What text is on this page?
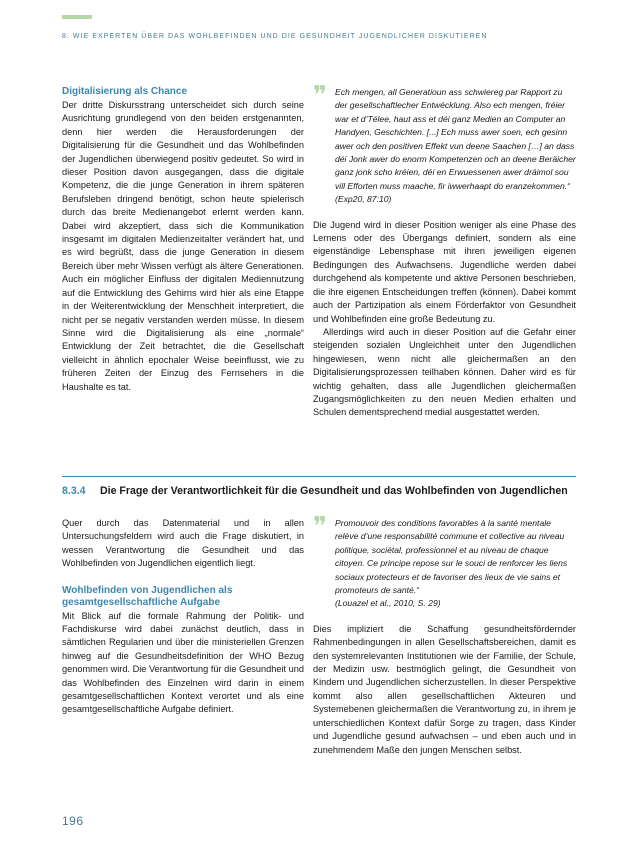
8. WIE EXPERTEN ÜBER DAS WOHLBEFINDEN UND DIE GESUNDHEIT JUGENDLICHER DISKUTIEREN
Digitalisierung als Chance

Der dritte Diskursstrang unterscheidet sich durch seine Ausrichtung grundlegend von den beiden erstgenannten, denn hier werden die Herausforderungen der Digitalisierung für die Gesundheit und das Wohlbefinden der Jugendlichen überwiegend positiv gedeutet. So wird in dieser Position davon ausgegangen, dass die digitale Kompetenz, die die junge Generation in ihrem späteren Berufsleben dringend benötigt, schon heute spielerisch durch das breite Medienangebot erlernt werden kann. Dabei wird akzeptiert, dass sich die Kommunikation insgesamt im digitalen Medienzeitalter verändert hat, und es wird begrüßt, dass die junge Generation in diesem Bereich über mehr Wissen verfügt als ältere Generationen. Auch ein möglicher Einfluss der digitalen Mediennutzung auf die Entwicklung des Gehirns wird hier als eine Etappe in der Weiterentwicklung der Menschheit interpretiert, die nicht per se negativ verstanden werden müsse. In diesem Sinne wird die Digitalisierung als eine „normale“ Entwicklung der Zeit betrachtet, die die Gesellschaft vielleicht in ähnlich epochaler Weise beeinflusst, wie zu früheren Zeiten der Einzug des Fernsehers in die Haushalte es tat.

❞ Ech mengen, all Generatioun ass schwiereg par Rapport zu der gesellschaftlecher Entwécklung. Also ech mengen, fréier war et d’Télee, haut ass et déi ganz Medien an Computer an Handyen, Geschichten. [...] Ech muss awer soen, ech gesinn awer och den positiven Effekt vun deene Saachen […] an dass déi Jonk awer do enorm Kompetenzen och an deene Beräicher ganz jonk scho kréien, déi en Erwuessenen awer dräimol sou vill Efforten muss maache, fir iwwerhaapt do eranzekommen.“
(Exp20, 87:10)

Die Jugend wird in dieser Position weniger als eine Phase des Lernens oder des Übergangs definiert, sondern als eine eigenständige Lebensphase mit ihren jeweiligen eigenen Bedingungen des Aufwachsens. Jugendliche werden dabei durchgehend als kompetente und aktive Personen beschrieben, die ihre eigenen Entscheidungen treffen (können). Dabei kommt auch der Partizipation als einem Förderfaktor von Gesundheit und Wohlbefinden eine große Bedeutung zu.

Allerdings wird auch in dieser Position auf die Gefahr einer steigenden sozialen Ungleichheit unter den Jugendlichen hingewiesen, wenn nicht alle gleichermaßen an den Digitalisierungsprozessen teilhaben können. Daher wird es für wichtig gehalten, dass alle Jugendlichen gleichermaßen Zugangsmöglichkeiten zu den neuen Medien erhalten und Schulen dementsprechend medial ausgestattet werden.

8.3.4 Die Frage der Verantwortlichkeit für die Gesundheit und das Wohlbefinden von Jugendlichen

Quer durch das Datenmaterial und in allen Untersuchungsfeldern wird auch die Frage diskutiert, in wessen Verantwortung die Gesundheit und das Wohlbefinden von Jugendlichen eigentlich liegt.

Wohlbefinden von Jugendlichen als gesamtgesellschaftliche Aufgabe

Mit Blick auf die formale Rahmung der Politik- und Fachdiskurse wird dabei zunächst deutlich, dass in sämtlichen Regularien und über die ministeriellen Grenzen hinweg auf die Gesundheitsdefinition der WHO Bezug genommen wird. Die Verantwortung für die Gesundheit und das Wohlbefinden des Einzelnen wird darin in einem gesamtgesellschaftlichen Kontext verortet und als eine gesamtgesellschaftliche Aufgabe definiert.

❞ Promouvoir des conditions favorables à la santé mentale relève d’une responsabilité commune et collective au niveau politique, sociétal, professionnel et au niveau de chaque citoyen. Ce principe repose sur le souci de renforcer les liens sociaux protecteurs et de favoriser des lieux de vie sains et promoteurs de santé.“
(Louazel et al., 2010, S. 29)

Dies impliziert die Schaffung gesundheitsfördernder Rahmenbedingungen in allen Gesellschaftsbereichen, damit es den systemrelevanten Institutionen wie der Familie, der Schule, der Medizin usw. bestmöglich gelingt, die Gesundheit von Kindern und Jugendlichen sicherzustellen. In dieser Perspektive kommt also allen gesellschaftlichen Akteuren und Systemebenen gleichermaßen die Verantwortung zu, in ihrem je unterschiedlichen Kontext dafür Sorge zu tragen, dass Kinder und Jugendliche gesund aufwachsen – und eben auch und in zunehmendem Maße den jungen Menschen selbst.

196
